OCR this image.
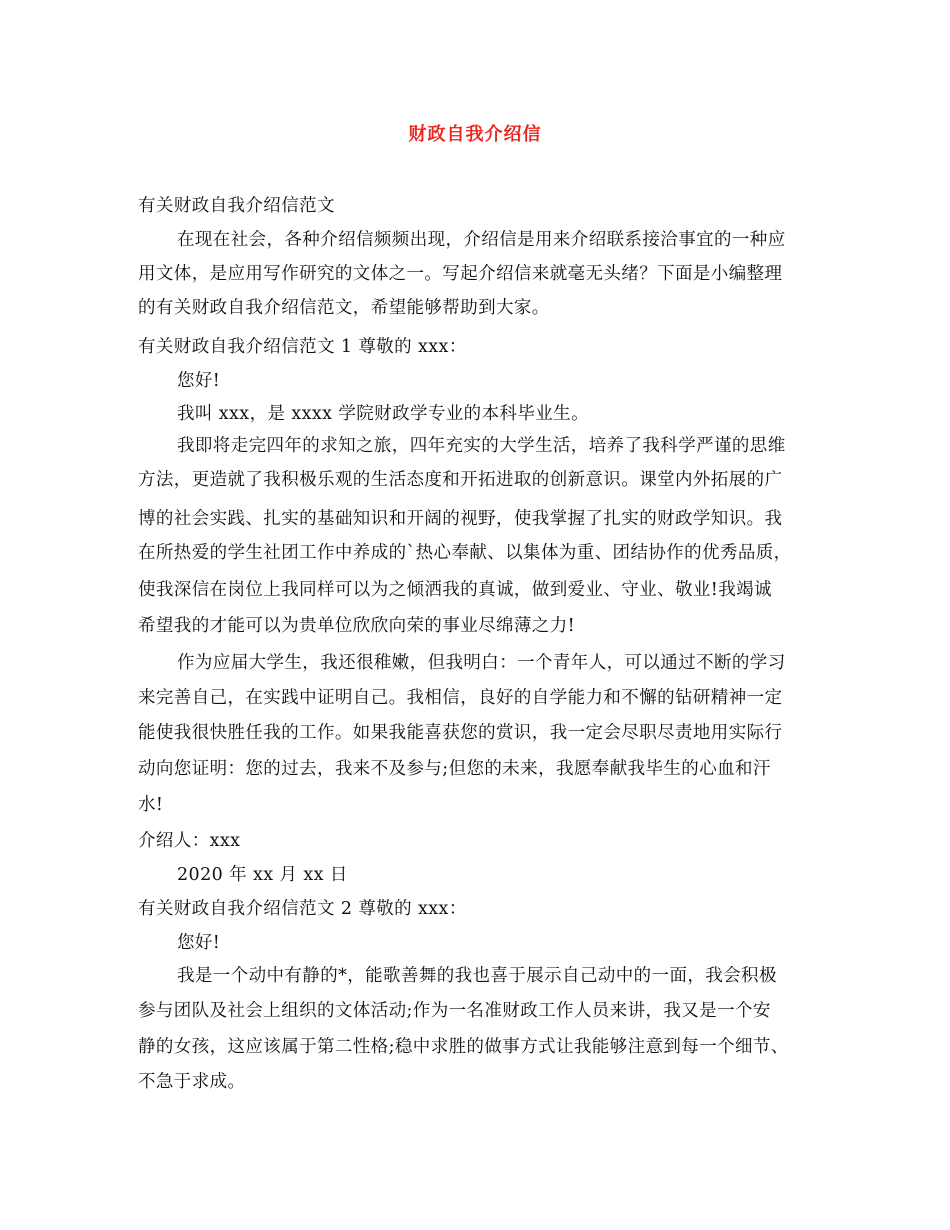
财政自我介绍信
有关财政自我介绍信范文
在现在社会，各种介绍信频频出现，介绍信是用来介绍联系接洽事宜的一种应
用文体，是应用写作研究的文体之一。写起介绍信来就毫无头绪？下面是小编整理
的有关财政自我介绍信范文，希望能够帮助到大家。
有关财政自我介绍信范文 1 尊敬的 xxx：
您好!
我叫 xxx，是 xxxx 学院财政学专业的本科毕业生。
我即将走完四年的求知之旅，四年充实的大学生活，培养了我科学严谨的思维
方法，更造就了我积极乐观的生活态度和开拓进取的创新意识。课堂内外拓展的广
博的社会实践、扎实的基础知识和开阔的视野，使我掌握了扎实的财政学知识。我
在所热爱的学生社团工作中养成的`热心奉献、以集体为重、团结协作的优秀品质，
使我深信在岗位上我同样可以为之倾洒我的真诚，做到爱业、守业、敬业!我竭诚
希望我的才能可以为贵单位欣欣向荣的事业尽绵薄之力!
作为应届大学生，我还很稚嫩，但我明白：一个青年人，可以通过不断的学习
来完善自己，在实践中证明自己。我相信，良好的自学能力和不懈的钻研精神一定
能使我很快胜任我的工作。如果我能喜获您的赏识，我一定会尽职尽责地用实际行
动向您证明：您的过去，我来不及参与;但您的未来，我愿奉献我毕生的心血和汗
水!
介绍人：xxx
2020 年 xx 月 xx 日
有关财政自我介绍信范文 2 尊敬的 xxx：
您好!
我是一个动中有静的*，能歌善舞的我也喜于展示自己动中的一面，我会积极
参与团队及社会上组织的文体活动;作为一名准财政工作人员来讲，我又是一个安
静的女孩，这应该属于第二性格;稳中求胜的做事方式让我能够注意到每一个细节、
不急于求成。
